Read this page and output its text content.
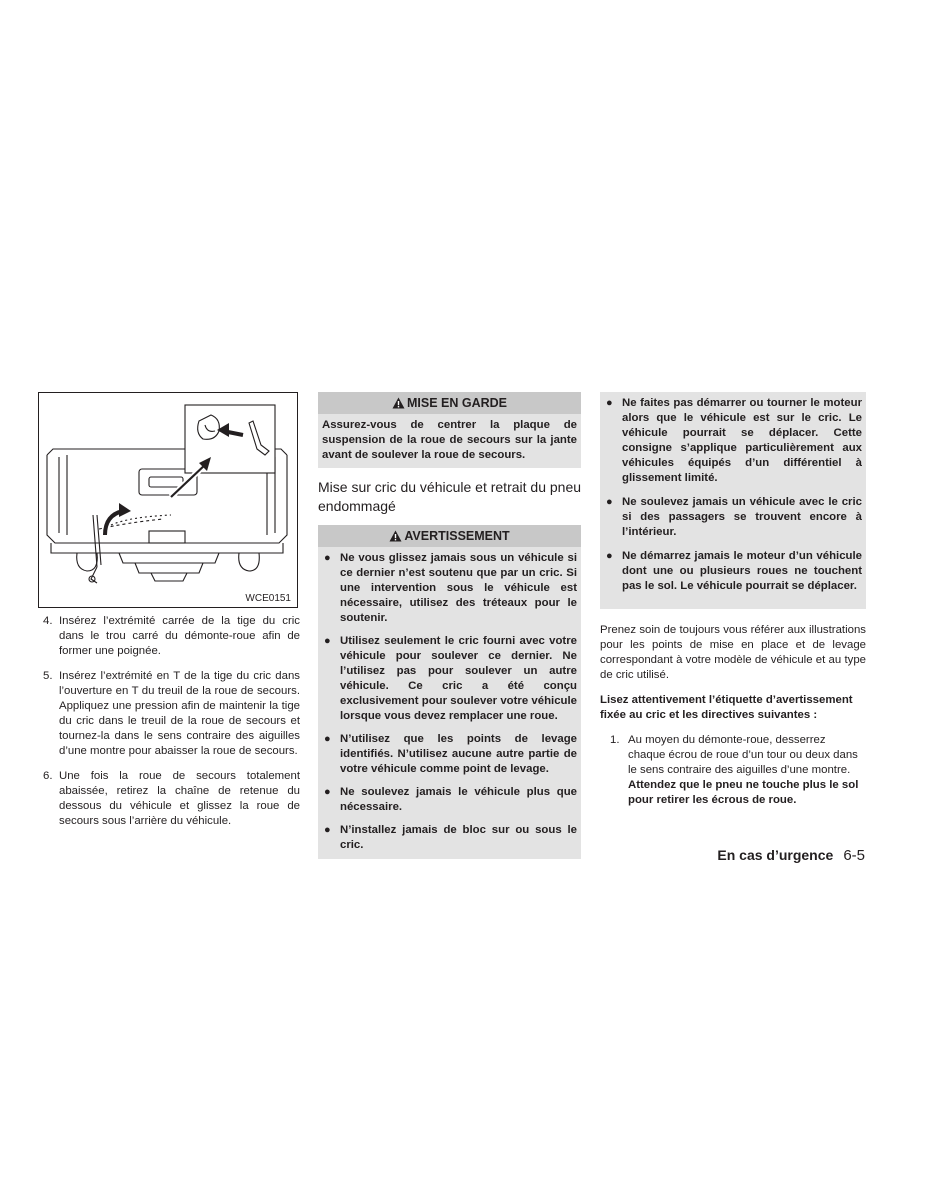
WCE0151
4. Insérez l’extrémité carrée de la tige du cric dans le trou carré du démonte-roue afin de former une poignée.
5. Insérez l’extrémité en T de la tige du cric dans l’ouverture en T du treuil de la roue de secours. Appliquez une pression afin de maintenir la tige du cric dans le treuil de la roue de secours et tournez-la dans le sens contraire des aiguilles d’une montre pour abaisser la roue de secours.
6. Une fois la roue de secours totalement abaissée, retirez la chaîne de retenue du dessous du véhicule et glissez la roue de secours sous l’arrière du véhicule.
MISE EN GARDE
Assurez-vous de centrer la plaque de suspension de la roue de secours sur la jante avant de soulever la roue de secours.
Mise sur cric du véhicule et retrait du pneu endommagé
AVERTISSEMENT
● Ne vous glissez jamais sous un véhicule si ce dernier n’est soutenu que par un cric. Si une intervention sous le véhicule est nécessaire, utilisez des tréteaux pour le soutenir.
● Utilisez seulement le cric fourni avec votre véhicule pour soulever ce dernier. Ne l’utilisez pas pour soulever un autre véhicule. Ce cric a été conçu exclusivement pour soulever votre véhicule lorsque vous devez remplacer une roue.
● N’utilisez que les points de levage identifiés. N’utilisez aucune autre partie de votre véhicule comme point de levage.
● Ne soulevez jamais le véhicule plus que nécessaire.
● N’installez jamais de bloc sur ou sous le cric.
● Ne faites pas démarrer ou tourner le moteur alors que le véhicule est sur le cric. Le véhicule pourrait se déplacer. Cette consigne s’applique particulièrement aux véhicules équipés d’un différentiel à glissement limité.
● Ne soulevez jamais un véhicule avec le cric si des passagers se trouvent encore à l’intérieur.
● Ne démarrez jamais le moteur d’un véhicule dont une ou plusieurs roues ne touchent pas le sol. Le véhicule pourrait se déplacer.

Prenez soin de toujours vous référer aux illustrations pour les points de mise en place et de levage correspondant à votre modèle de véhicule et au type de cric utilisé.

Lisez attentivement l’étiquette d’avertissement fixée au cric et les directives suivantes :

1. Au moyen du démonte-roue, desserrez chaque écrou de roue d’un tour ou deux dans le sens contraire des aiguilles d’une montre. Attendez que le pneu ne touche plus le sol pour retirer les écrous de roue.
En cas d’urgence 6-5
